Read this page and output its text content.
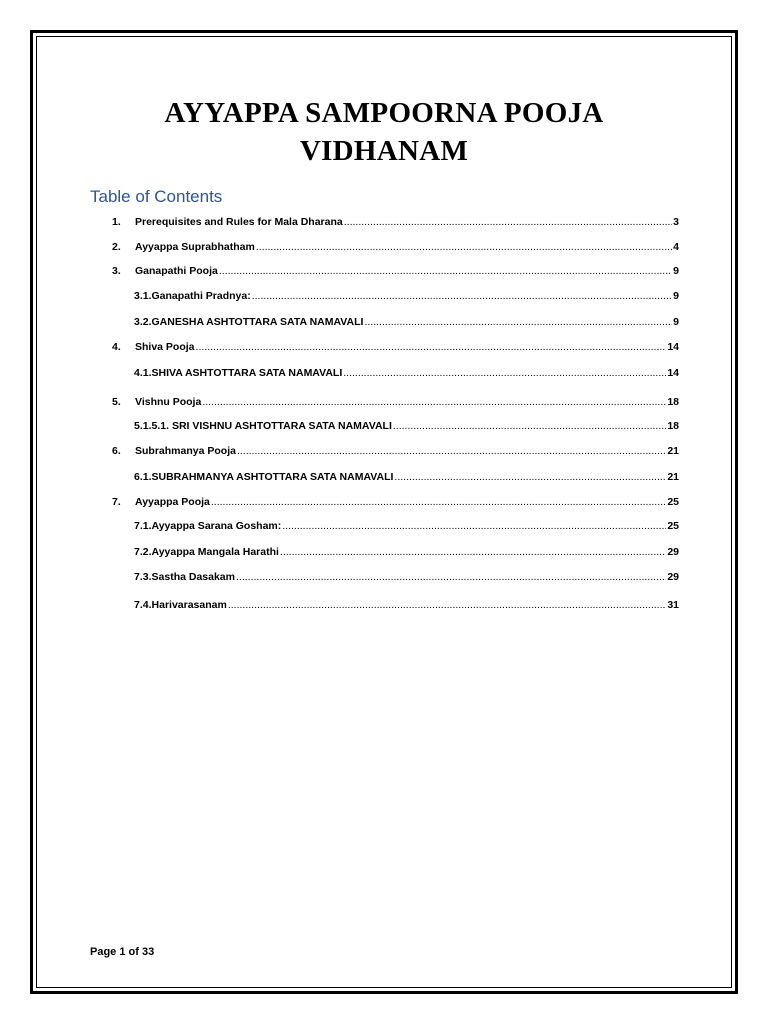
AYYAPPA SAMPOORNA POOJA
VIDHANAM
Table of Contents
1.	Prerequisites and Rules for Mala Dharana .....	3
2.	Ayyappa Suprabhatham .....	4
3.	Ganapathi Pooja .....	9
3.1. Ganapathi Pradnya: .....	9
3.2. GANESHA ASHTOTTARA SATA NAMAVALI .....	9
4.	Shiva Pooja .....	14
4.1. SHIVA ASHTOTTARA SATA NAMAVALI .....	14
5.	Vishnu Pooja .....	18
5.1. 5.1. SRI VISHNU ASHTOTTARA SATA NAMAVALI .....	18
6.	Subrahmanya Pooja .....	21
6.1. SUBRAHMANYA ASHTOTTARA SATA NAMAVALI .....	21
7.	Ayyappa Pooja .....	25
7.1. Ayyappa Sarana Gosham: .....	25
7.2. Ayyappa Mangala Harathi .....	29
7.3. Sastha Dasakam .....	29
7.4. Harivarasanam .....	31
Page 1 of 33
